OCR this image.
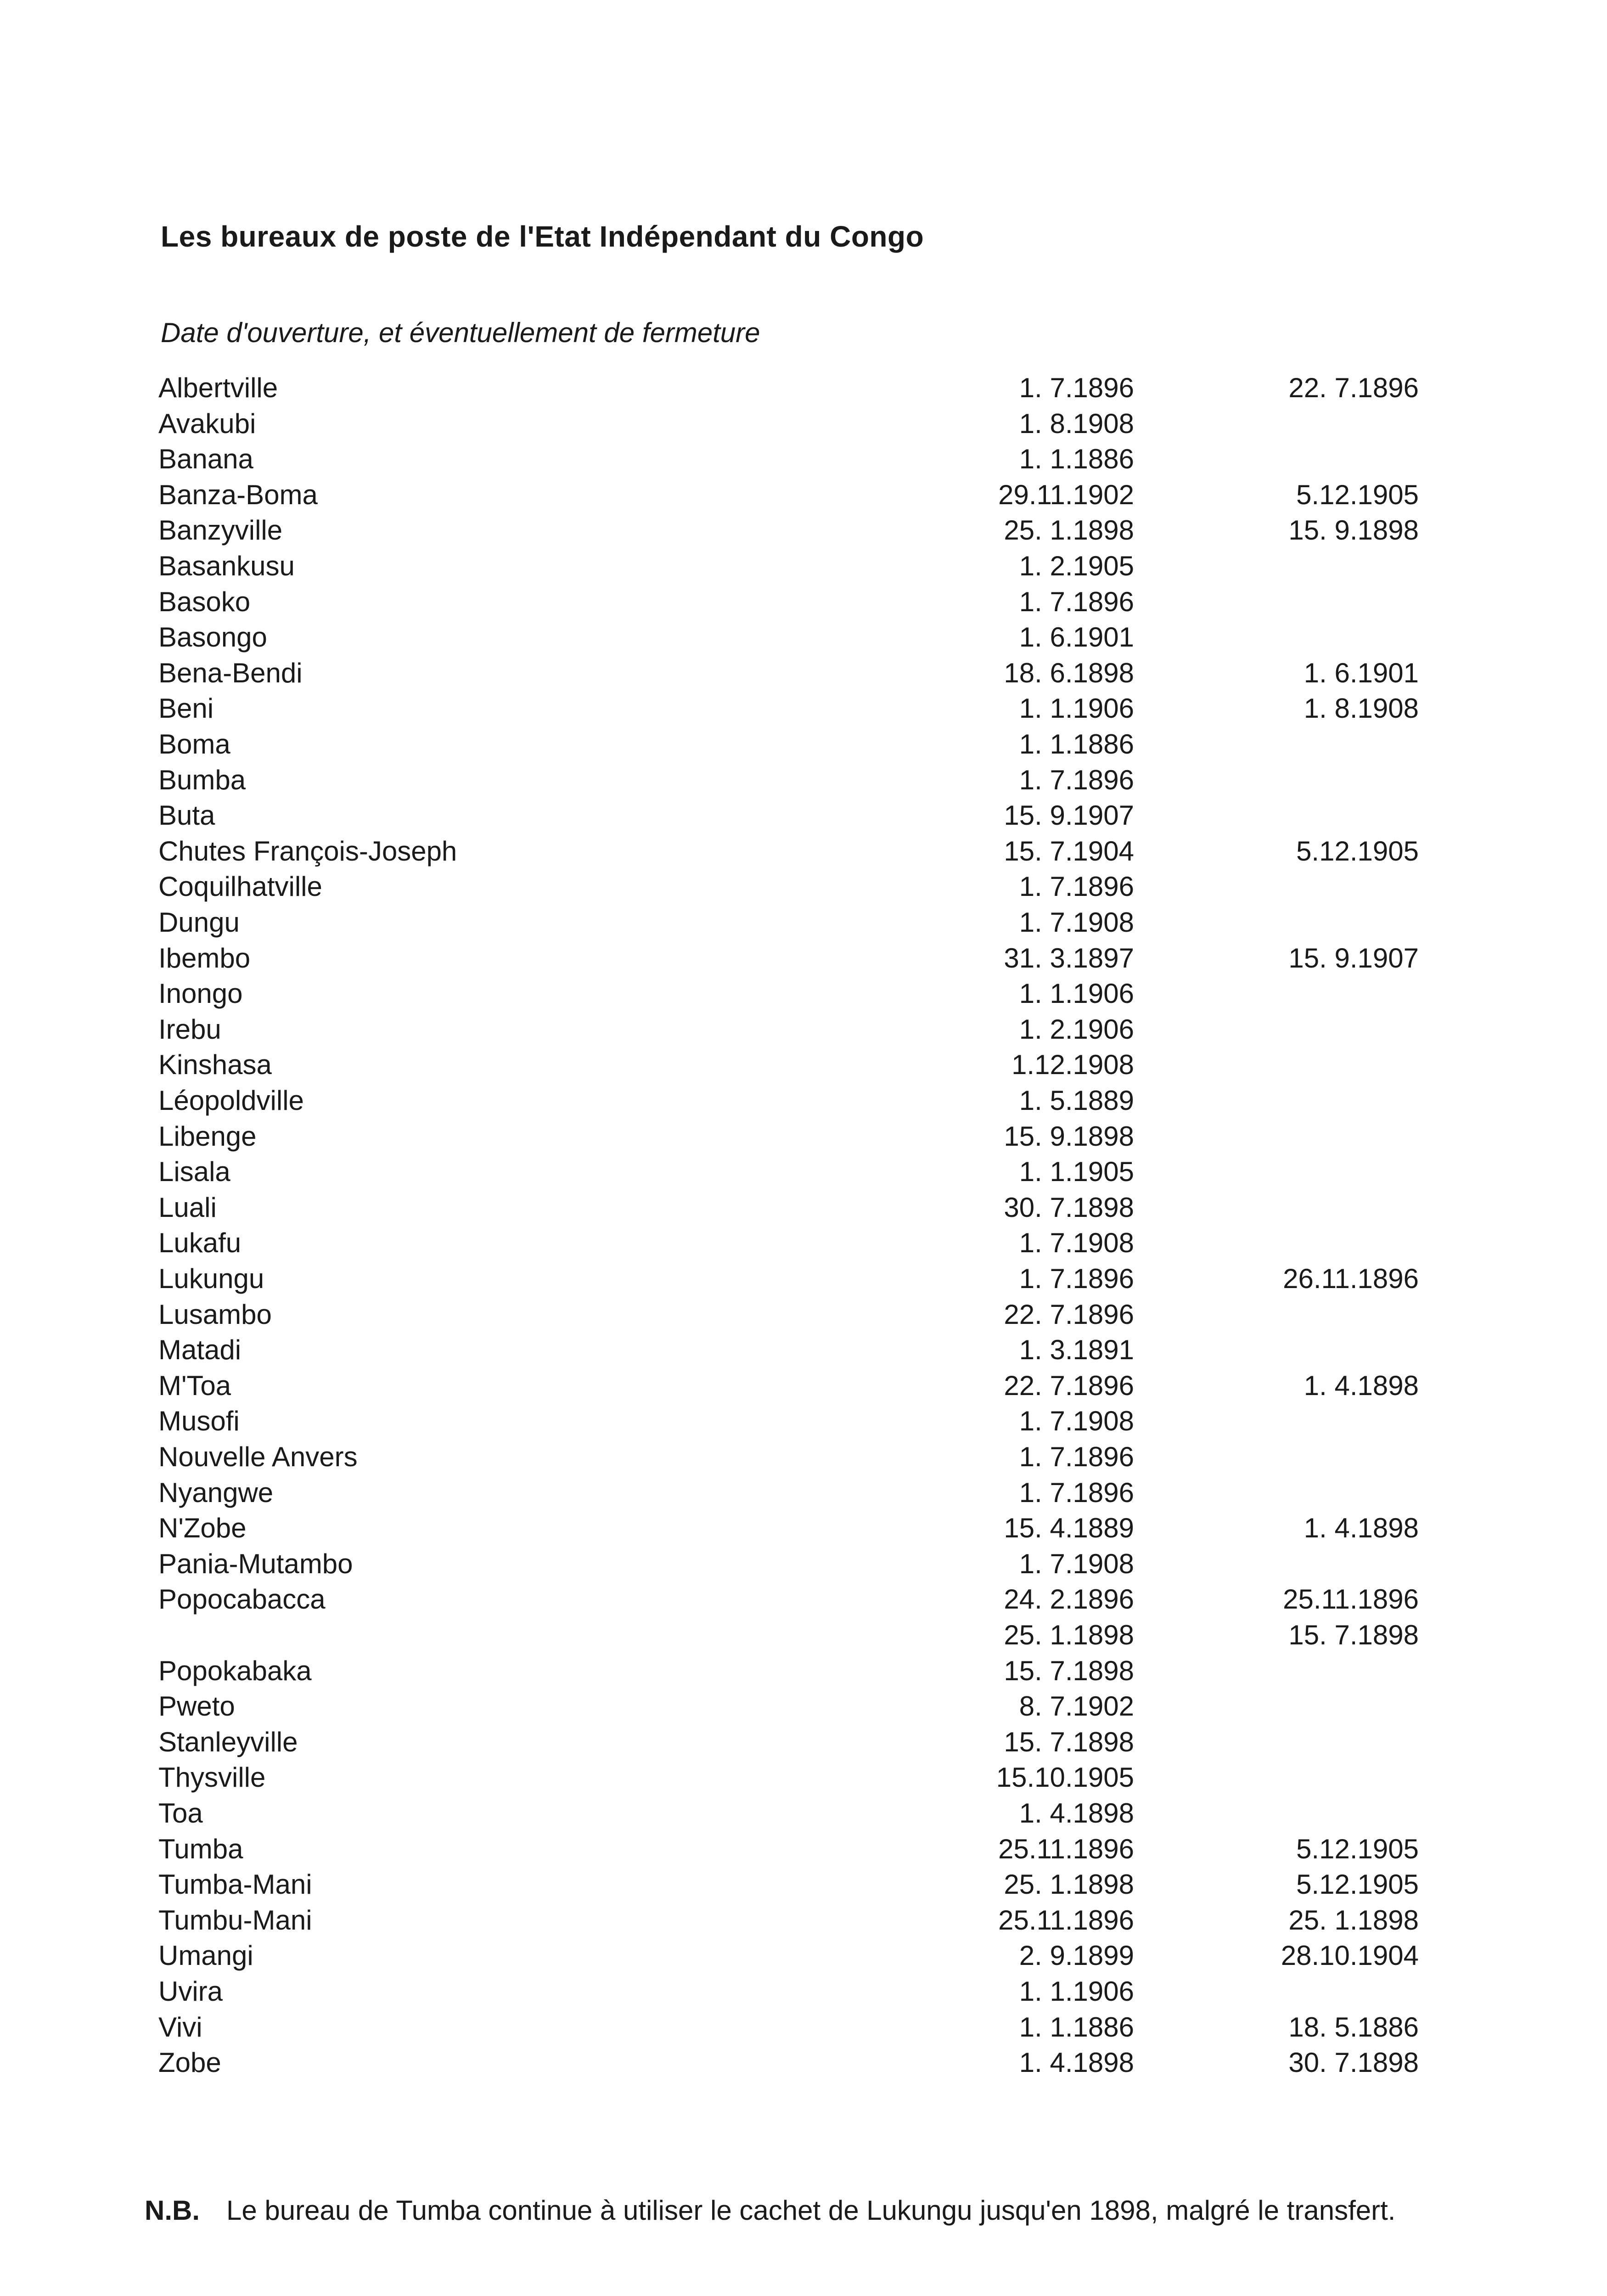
Les bureaux de poste de l'Etat Indépendant du Congo
Date d'ouverture, et éventuellement de fermeture
Albertville	1. 7.1896	22. 7.1896
Avakubi	1. 8.1908
Banana	1. 1.1886
Banza-Boma	29.11.1902	5.12.1905
Banzyville	25. 1.1898	15. 9.1898
Basankusu	1. 2.1905
Basoko	1. 7.1896
Basongo	1. 6.1901
Bena-Bendi	18. 6.1898	1. 6.1901
Beni	1. 1.1906	1. 8.1908
Boma	1. 1.1886
Bumba	1. 7.1896
Buta	15. 9.1907
Chutes François-Joseph	15. 7.1904	5.12.1905
Coquilhatville	1. 7.1896
Dungu	1. 7.1908
Ibembo	31. 3.1897	15. 9.1907
Inongo	1. 1.1906
Irebu	1. 2.1906
Kinshasa	1.12.1908
Léopoldville	1. 5.1889
Libenge	15. 9.1898
Lisala	1. 1.1905
Luali	30. 7.1898
Lukafu	1. 7.1908
Lukungu	1. 7.1896	26.11.1896
Lusambo	22. 7.1896
Matadi	1. 3.1891
M'Toa	22. 7.1896	1. 4.1898
Musofi	1. 7.1908
Nouvelle Anvers	1. 7.1896
Nyangwe	1. 7.1896
N'Zobe	15. 4.1889	1. 4.1898
Pania-Mutambo	1. 7.1908
Popocabacca	24. 2.1896	25.11.1896
25. 1.1898	15. 7.1898
Popokabaka	15. 7.1898
Pweto	8. 7.1902
Stanleyville	15. 7.1898
Thysville	15.10.1905
Toa	1. 4.1898
Tumba	25.11.1896	5.12.1905
Tumba-Mani	25. 1.1898	5.12.1905
Tumbu-Mani	25.11.1896	25. 1.1898
Umangi	2. 9.1899	28.10.1904
Uvira	1. 1.1906
Vivi	1. 1.1886	18. 5.1886
Zobe	1. 4.1898	30. 7.1898
N.B. Le bureau de Tumba continue à utiliser le cachet de Lukungu jusqu'en 1898, malgré le transfert.
